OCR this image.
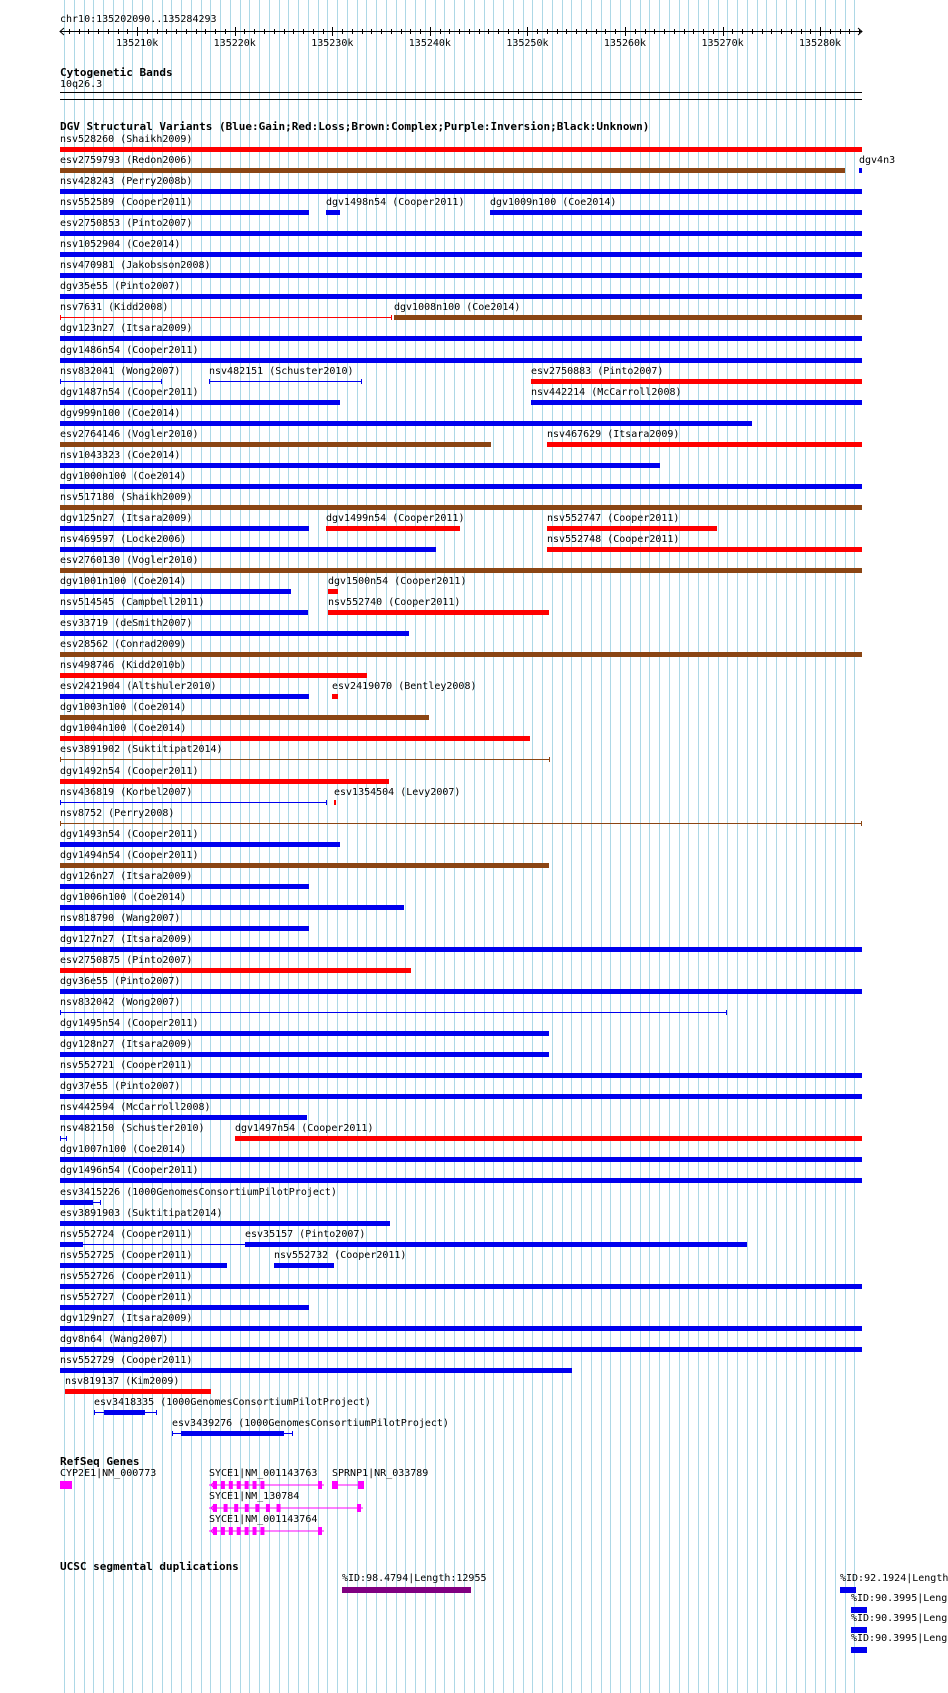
chr10:135202090..135284293
135210k	135220k	135230k	135240k	135250k	135260k	135270k	135280k
Cytogenetic Bands
10q26.3
DGV Structural Variants (Blue:Gain;Red:Loss;Brown:Complex;Purple:Inversion;Black:Unknown)
nsv528260 (Shaikh2009)
esv2759793 (Redon2006)	dgv4n3
nsv428243 (Perry2008b)
nsv552589 (Cooper2011)	dgv1498n54 (Cooper2011)	dgv1009n100 (Coe2014)
esv2750853 (Pinto2007)
nsv1052904 (Coe2014)
nsv470981 (Jakobsson2008)
dgv35e55 (Pinto2007)
nsv7631 (Kidd2008)	dgv1008n100 (Coe2014)
dgv123n27 (Itsara2009)
dgv1486n54 (Cooper2011)
nsv832041 (Wong2007)	nsv482151 (Schuster2010)	esv2750883 (Pinto2007)
dgv1487n54 (Cooper2011)	nsv442214 (McCarroll2008)
dgv999n100 (Coe2014)
esv2764146 (Vogler2010)	nsv467629 (Itsara2009)
nsv1043323 (Coe2014)
dgv1000n100 (Coe2014)
nsv517180 (Shaikh2009)
dgv125n27 (Itsara2009)	dgv1499n54 (Cooper2011)	nsv552747 (Cooper2011)
nsv469597 (Locke2006)	nsv552748 (Cooper2011)
esv2760130 (Vogler2010)
dgv1001n100 (Coe2014)	dgv1500n54 (Cooper2011)
nsv514545 (Campbell2011)	nsv552740 (Cooper2011)
esv33719 (deSmith2007)
esv28562 (Conrad2009)
nsv498746 (Kidd2010b)
esv2421904 (Altshuler2010)	esv2419070 (Bentley2008)
dgv1003n100 (Coe2014)
dgv1004n100 (Coe2014)
esv3891902 (Suktitipat2014)
dgv1492n54 (Cooper2011)
nsv436819 (Korbel2007)	esv1354504 (Levy2007)
nsv8752 (Perry2008)
dgv1493n54 (Cooper2011)
dgv1494n54 (Cooper2011)
dgv126n27 (Itsara2009)
dgv1006n100 (Coe2014)
nsv818790 (Wang2007)
dgv127n27 (Itsara2009)
esv2750875 (Pinto2007)
dgv36e55 (Pinto2007)
nsv832042 (Wong2007)
dgv1495n54 (Cooper2011)
dgv128n27 (Itsara2009)
nsv552721 (Cooper2011)
dgv37e55 (Pinto2007)
nsv442594 (McCarroll2008)
nsv482150 (Schuster2010)	dgv1497n54 (Cooper2011)
dgv1007n100 (Coe2014)
dgv1496n54 (Cooper2011)
esv3415226 (1000GenomesConsortiumPilotProject)
esv3891903 (Suktitipat2014)
nsv552724 (Cooper2011)	esv35157 (Pinto2007)
nsv552725 (Cooper2011)	nsv552732 (Cooper2011)
nsv552726 (Cooper2011)
nsv552727 (Cooper2011)
dgv129n27 (Itsara2009)
dgv8n64 (Wang2007)
nsv552729 (Cooper2011)
nsv819137 (Kim2009)
esv3418335 (1000GenomesConsortiumPilotProject)
esv3439276 (1000GenomesConsortiumPilotProject)
RefSeq Genes
CYP2E1|NM_000773	SYCE1|NM_001143763 SPRNP1|NR_033789
SYCE1|NM_130784
SYCE1|NM_001143764
UCSC segmental duplications
%ID:98.4794|Length:12955	%ID:92.1924|Length
%ID:90.3995|Leng
%ID:90.3995|Leng
%ID:90.3995|Leng
